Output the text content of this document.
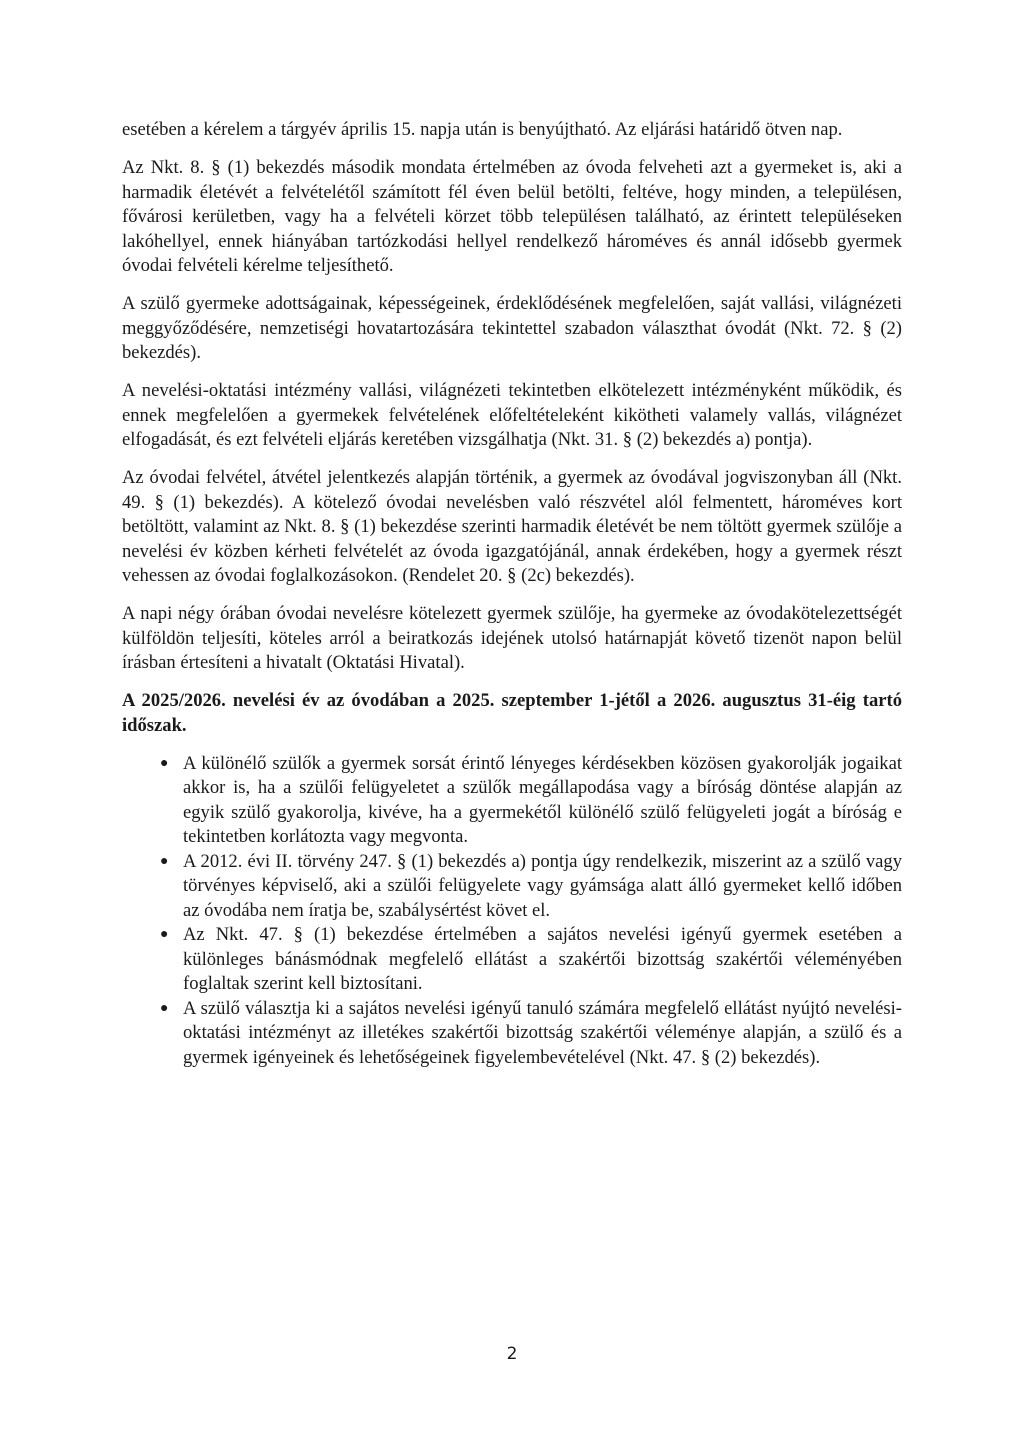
esetében a kérelem a tárgyév április 15. napja után is benyújtható. Az eljárási határidő ötven nap.

Az Nkt. 8. § (1) bekezdés második mondata értelmében az óvoda felveheti azt a gyermeket is, aki a harmadik életévét a felvételétől számított fél éven belül betölti, feltéve, hogy minden, a településen, fővárosi kerületben, vagy ha a felvételi körzet több településen található, az érintett településeken lakóhellyel, ennek hiányában tartózkodási hellyel rendelkező hároméves és annál idősebb gyermek óvodai felvételi kérelme teljesíthető.

A szülő gyermeke adottságainak, képességeinek, érdeklődésének megfelelően, saját vallási, világnézeti meggyőződésére, nemzetiségi hovatartozására tekintettel szabadon választhat óvodát (Nkt. 72. § (2) bekezdés).

A nevelési-oktatási intézmény vallási, világnézeti tekintetben elkötelezett intézményként működik, és ennek megfelelően a gyermekek felvételének előfeltételeként kikötheti valamely vallás, világnézet elfogadását, és ezt felvételi eljárás keretében vizsgálhatja (Nkt. 31. § (2) bekezdés a) pontja).

Az óvodai felvétel, átvétel jelentkezés alapján történik, a gyermek az óvodával jogviszonyban áll (Nkt. 49. § (1) bekezdés). A kötelező óvodai nevelésben való részvétel alól felmentett, hároméves kort betöltött, valamint az Nkt. 8. § (1) bekezdése szerinti harmadik életévét be nem töltött gyermek szülője a nevelési év közben kérheti felvételét az óvoda igazgatójánál, annak érdekében, hogy a gyermek részt vehessen az óvodai foglalkozásokon. (Rendelet 20. § (2c) bekezdés).

A napi négy órában óvodai nevelésre kötelezett gyermek szülője, ha gyermeke az óvodakötelezettségét külföldön teljesíti, köteles arról a beiratkozás idejének utolsó határnapját követő tizenöt napon belül írásban értesíteni a hivatalt (Oktatási Hivatal).

A 2025/2026. nevelési év az óvodában a 2025. szeptember 1-jétől a 2026. augusztus 31-éig tartó időszak.

● A különélő szülők a gyermek sorsát érintő lényeges kérdésekben közösen gyakorolják jogaikat akkor is, ha a szülői felügyeletet a szülők megállapodása vagy a bíróság döntése alapján az egyik szülő gyakorolja, kivéve, ha a gyermekétől különélő szülő felügyeleti jogát a bíróság e tekintetben korlátozta vagy megvonta.
● A 2012. évi II. törvény 247. § (1) bekezdés a) pontja úgy rendelkezik, miszerint az a szülő vagy törvényes képviselő, aki a szülői felügyelete vagy gyámsága alatt álló gyermeket kellő időben az óvodába nem íratja be, szabálysértést követ el.
● Az Nkt. 47. § (1) bekezdése értelmében a sajátos nevelési igényű gyermek esetében a különleges bánásmódnak megfelelő ellátást a szakértői bizottság szakértői véleményében foglaltak szerint kell biztosítani.
● A szülő választja ki a sajátos nevelési igényű tanuló számára megfelelő ellátást nyújtó nevelési-oktatási intézményt az illetékes szakértői bizottság szakértői véleménye alapján, a szülő és a gyermek igényeinek és lehetőségeinek figyelembevételével (Nkt. 47. § (2) bekezdés).
2
